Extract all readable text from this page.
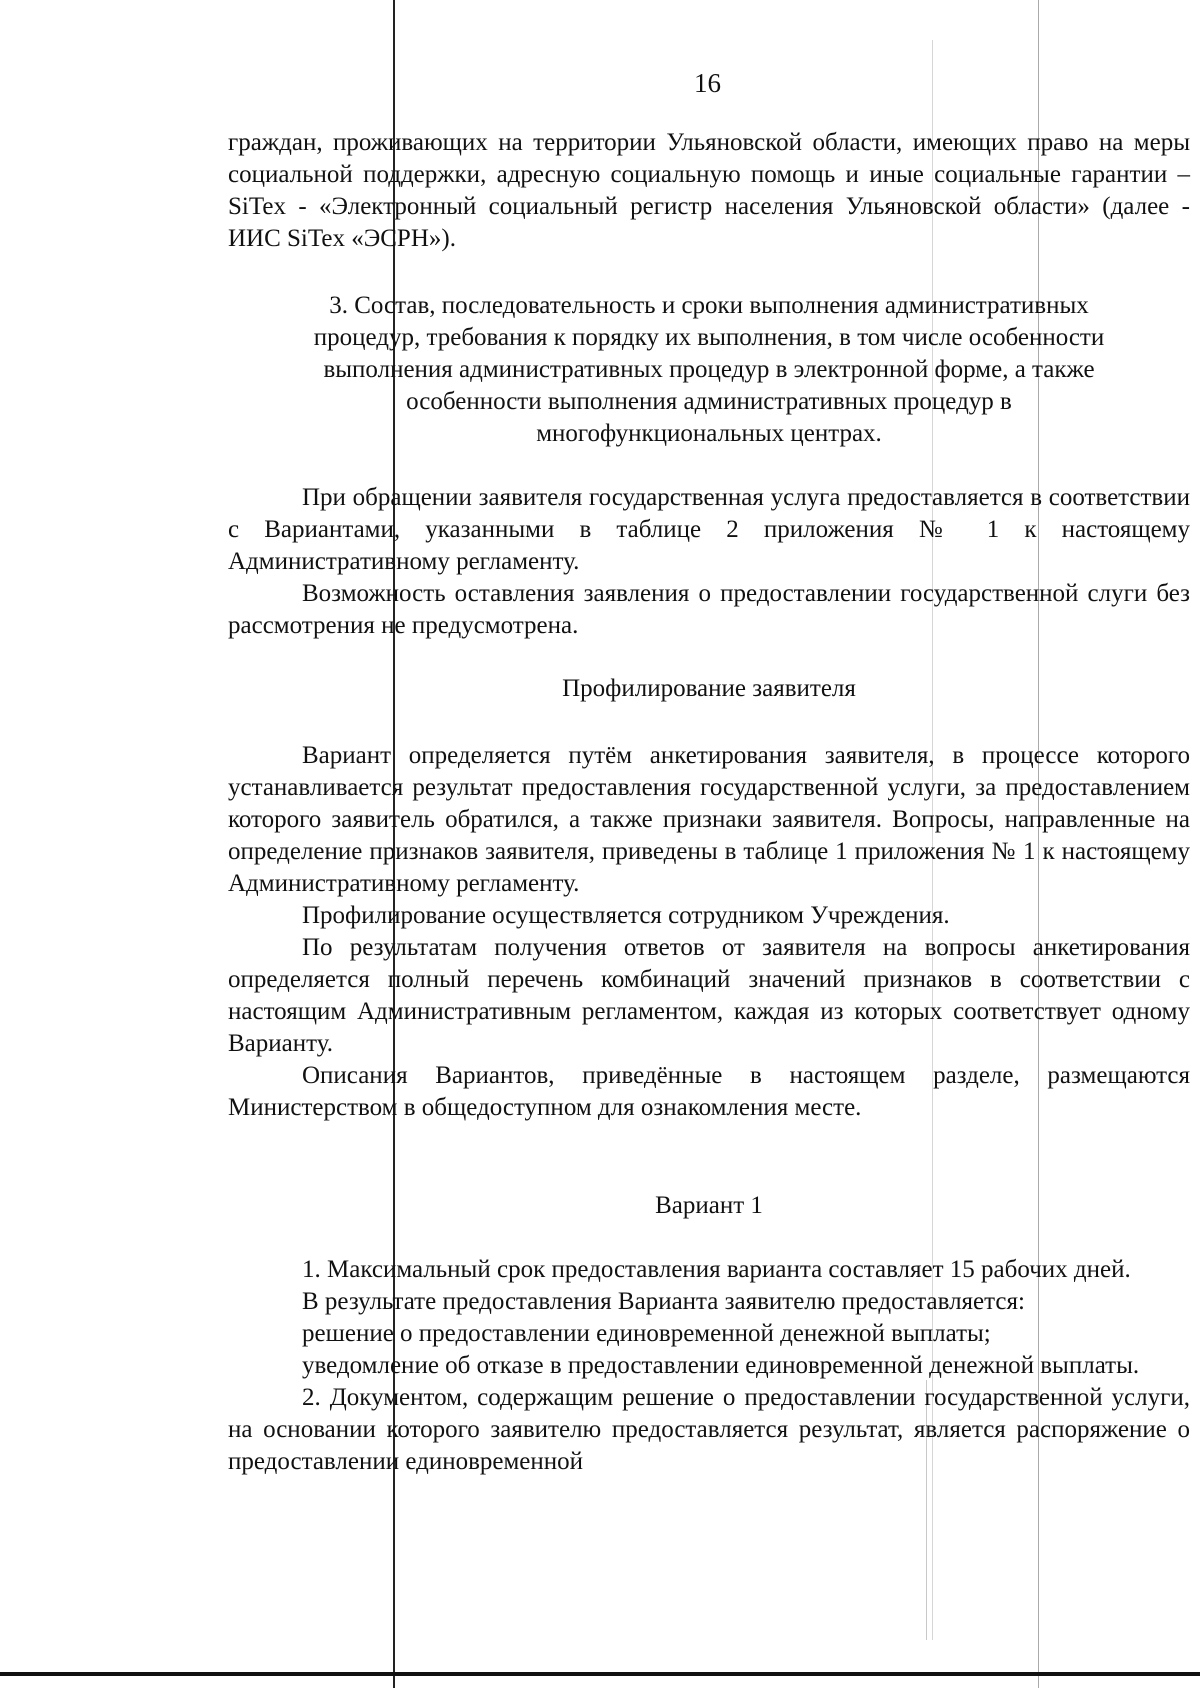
16

граждан, проживающих на территории Ульяновской области, имеющих право на меры социальной поддержки, адресную социальную помощь и иные социальные гарантии – SiTex - «Электронный социальный регистр населения Ульяновской области» (далее - ИИС SiTex «ЭСРН»).

3. Состав, последовательность и сроки выполнения административных
процедур, требования к порядку их выполнения, в том числе особенности
выполнения административных процедур в электронной форме, а также
особенности выполнения административных процедур в
многофункциональных центрах.

При обращении заявителя государственная услуга предоставляется в соответствии с Вариантами, указанными в таблице 2 приложения № 1 к настоящему Административному регламенту.

Возможность оставления заявления о предоставлении государственной слуги без рассмотрения не предусмотрена.

Профилирование заявителя

Вариант определяется путём анкетирования заявителя, в процессе которого устанавливается результат предоставления государственной услуги, за предоставлением которого заявитель обратился, а также признаки заявителя. Вопросы, направленные на определение признаков заявителя, приведены в таблице 1 приложения № 1 к настоящему Административному регламенту.

Профилирование осуществляется сотрудником Учреждения.

По результатам получения ответов от заявителя на вопросы анкетирования определяется полный перечень комбинаций значений признаков в соответствии с настоящим Административным регламентом, каждая из которых соответствует одному Варианту.

Описания Вариантов, приведённые в настоящем разделе, размещаются Министерством в общедоступном для ознакомления месте.

Вариант 1

1. Максимальный срок предоставления варианта составляет 15 рабочих дней.

В результате предоставления Варианта заявителю предоставляется:

решение о предоставлении единовременной денежной выплаты;

уведомление об отказе в предоставлении единовременной денежной выплаты.

2. Документом, содержащим решение о предоставлении государственной услуги, на основании которого заявителю предоставляется результат, является распоряжение о предоставлении единовременной
